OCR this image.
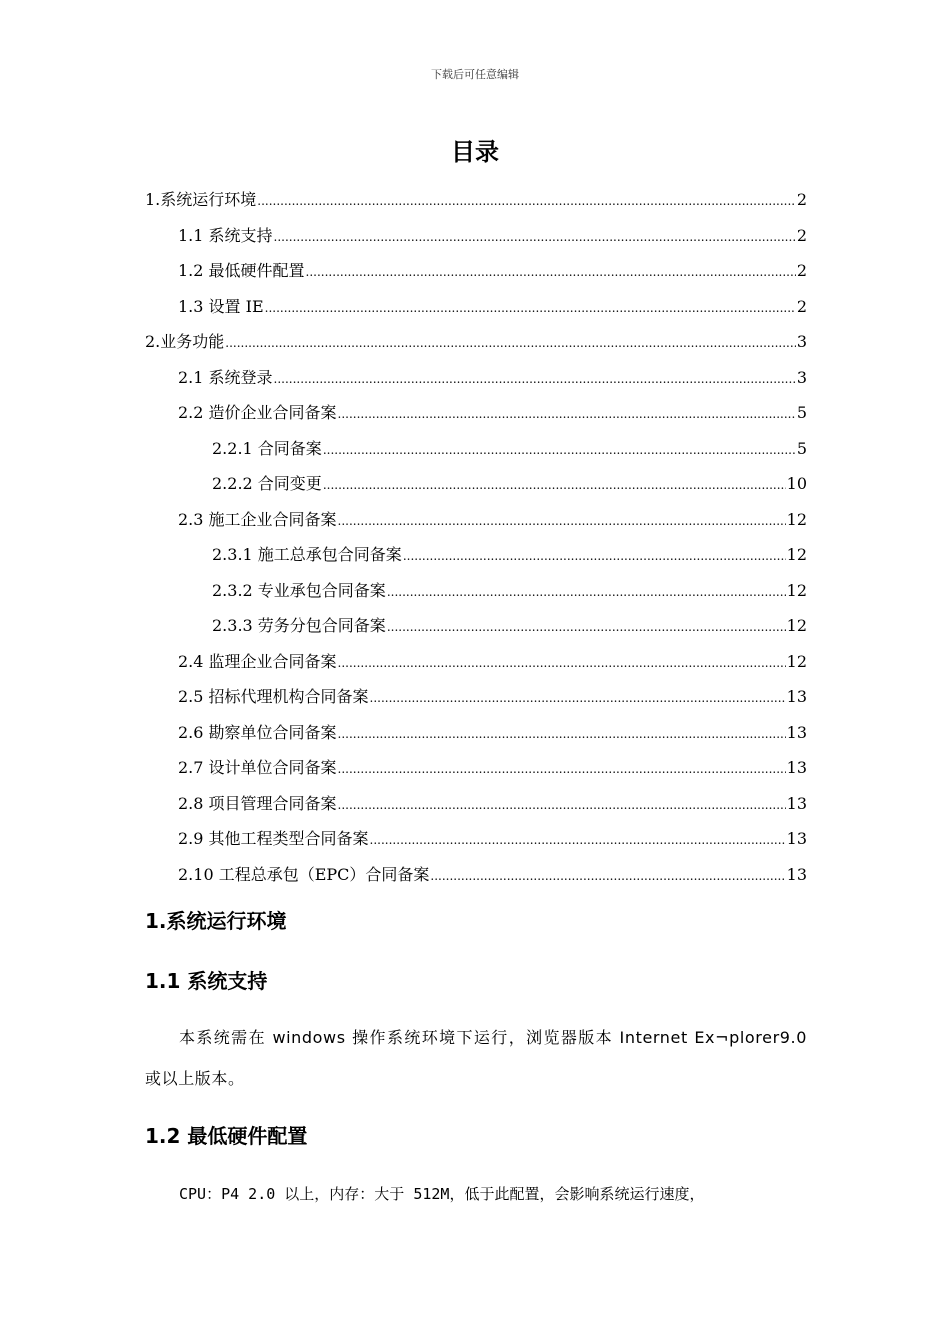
下载后可任意编辑
目录
1.系统运行环境 .....	2
1.1 系统支持 .....	2
1.2 最低硬件配置 .....	2
1.3 设置 IE .....	2
2.业务功能 .....	3
2.1 系统登录 .....	3
2.2 造价企业合同备案 .....	5
2.2.1 合同备案 .....	5
2.2.2 合同变更 .....	10
2.3 施工企业合同备案 .....	12
2.3.1 施工总承包合同备案 .....	12
2.3.2 专业承包合同备案 .....	12
2.3.3 劳务分包合同备案 .....	12
2.4 监理企业合同备案 .....	12
2.5 招标代理机构合同备案 .....	13
2.6 勘察单位合同备案 .....	13
2.7 设计单位合同备案 .....	13
2.8 项目管理合同备案 .....	13
2.9 其他工程类型合同备案 .....	13
2.10 工程总承包（EPC）合同备案 .....	13
1.系统运行环境
1.1 系统支持
本系统需在 windows 操作系统环境下运行，浏览器版本 Internet Ex¬plorer9.0 或以上版本。
1.2 最低硬件配置
CPU：P4 2.0 以上，内存：大于 512M，低于此配置，会影响系统运行速度，
